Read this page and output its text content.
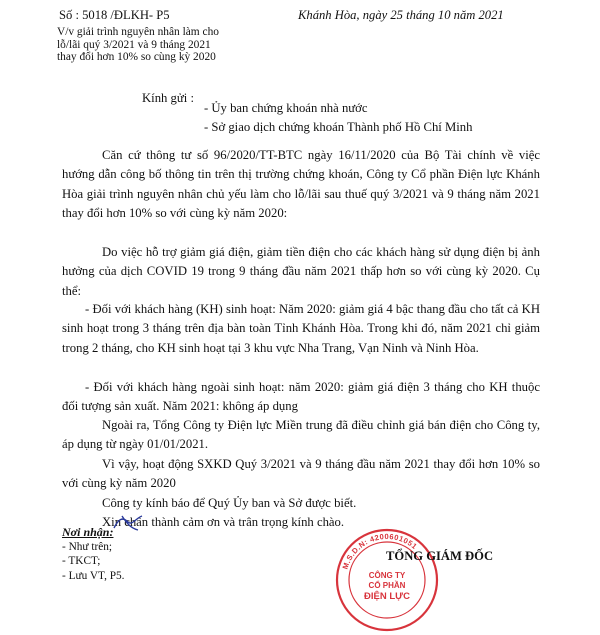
Số : 5018 /ĐLKH- P5
V/v giải trình nguyên nhân làm cho
lỗ/lãi quý 3/2021 và 9 tháng 2021
thay đổi hơn 10% so cùng kỳ 2020
Khánh Hòa, ngày 25 tháng 10 năm 2021
Kính gửi :
- Ủy ban chứng khoán nhà nước
- Sở giao dịch chứng khoán Thành phố Hồ Chí Minh
Căn cứ thông tư số 96/2020/TT-BTC ngày 16/11/2020 của Bộ Tài chính về việc hướng dẫn công bố thông tin trên thị trường chứng khoán, Công ty Cổ phần Điện lực Khánh Hòa giải trình nguyên nhân chủ yếu làm cho lỗ/lãi sau thuế quý 3/2021 và 9 tháng năm 2021 thay đổi hơn 10% so với cùng kỳ năm 2020:
Do việc hỗ trợ giảm giá điện, giảm tiền điện cho các khách hàng sử dụng điện bị ảnh hưởng của dịch COVID 19 trong 9 tháng đầu năm 2021 thấp hơn so với cùng kỳ 2020. Cụ thể:
- Đối với khách hàng (KH) sinh hoạt: Năm 2020: giảm giá 4 bậc thang đầu cho tất cả KH sinh hoạt trong 3 tháng trên địa bàn toàn Tỉnh Khánh Hòa. Trong khi đó, năm 2021 chỉ giảm trong 2 tháng, cho KH sinh hoạt tại 3 khu vực Nha Trang, Vạn Ninh và Ninh Hòa.
- Đối với khách hàng ngoài sinh hoạt: năm 2020: giảm giá điện 3 tháng cho KH thuộc đối tượng sản xuất. Năm 2021: không áp dụng
Ngoài ra, Tổng Công ty Điện lực Miền trung đã điều chỉnh giá bán điện cho Công ty, áp dụng từ ngày 01/01/2021.
Vì vậy, hoạt động SXKD Quý 3/2021 và 9 tháng đầu năm 2021 thay đổi hơn 10% so với cùng kỳ năm 2020
Công ty kính báo để Quý Ủy ban và Sở được biết.
Xin chân thành cảm ơn và trân trọng kính chào.
Nơi nhận:
- Như trên;
- TKCT;
- Lưu VT, P5.
M.S.D.N: 4200601051
CÔNG TY
CỔ PHẦN
ĐIỆN LỰC
TỔNG GIÁM ĐỐC
